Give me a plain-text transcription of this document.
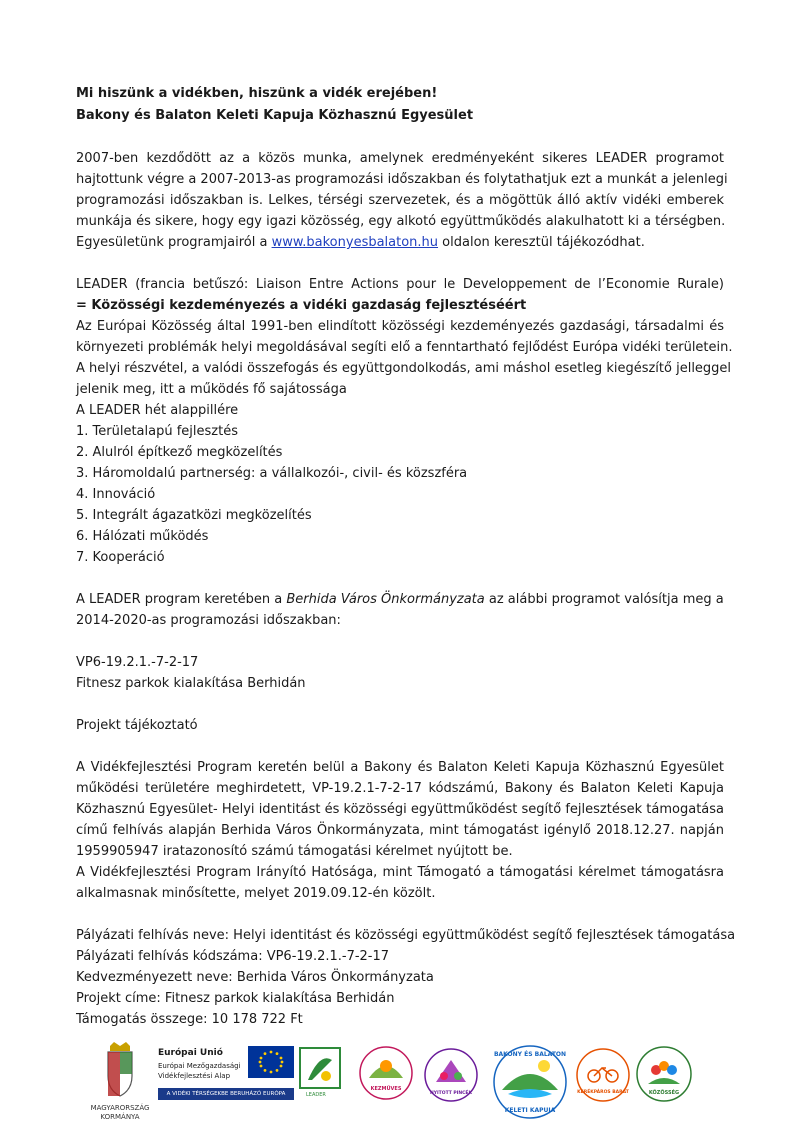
Mi hiszünk a vidékben, hiszünk a vidék erejében!
Bakony és Balaton Keleti Kapuja Közhasznú Egyesület
2007-ben kezdődött az a közös munka, amelynek eredményeként sikeres LEADER programot
hajtottunk végre a 2007-2013-as programozási időszakban és folytathatjuk ezt a munkát a jelenlegi
programozási időszakban is. Lelkes, térségi szervezetek, és a mögöttük álló aktív vidéki emberek
munkája és sikere, hogy egy igazi közösség, egy alkotó együttműködés alakulhatott ki a térségben.
Egyesületünk programjairól a www.bakonyesbalaton.hu oldalon keresztül tájékozódhat.
LEADER (francia betűszó: Liaison Entre Actions pour le Developpement de l’Economie Rurale)
= Közösségi kezdeményezés a vidéki gazdaság fejlesztéséért
Az Európai Közösség által 1991-ben elindított közösségi kezdeményezés gazdasági, társadalmi és
környezeti problémák helyi megoldásával segíti elő a fenntartható fejlődést Európa vidéki területein.
A helyi részvétel, a valódi összefogás és együttgondolkodás, ami máshol esetleg kiegészítő jelleggel
jelenik meg, itt a működés fő sajátossága
A LEADER hét alappillére
1. Területalapú fejlesztés
2. Alulról építkező megközelítés
3. Háromoldalú partnerség: a vállalkozói-, civil- és közszféra
4. Innováció
5. Integrált ágazatközi megközelítés
6. Hálózati működés
7. Kooperáció
A LEADER program keretében a Berhida Város Önkormányzata az alábbi programot valósítja meg a
2014-2020-as programozási időszakban:
VP6-19.2.1.-7-2-17
Fitnesz parkok kialakítása Berhidán
Projekt tájékoztató
A Vidékfejlesztési Program keretén belül a Bakony és Balaton Keleti Kapuja Közhasznú Egyesület
működési területére meghirdetett, VP-19.2.1-7-2-17 kódszámú, Bakony és Balaton Keleti Kapuja
Közhasznú Egyesület- Helyi identitást és közösségi együttműködést segítő fejlesztések támogatása
című felhívás alapján Berhida Város Önkormányzata, mint támogatást igénylő 2018.12.27. napján
1959905947 iratazonosító számú támogatási kérelmet nyújtott be.
A Vidékfejlesztési Program Irányító Hatósága, mint Támogató a támogatási kérelmet támogatásra
alkalmasnak minősítette, melyet 2019.09.12-én közölt.
Pályázati felhívás neve: Helyi identitást és közösségi együttműködést segítő fejlesztések támogatása
Pályázati felhívás kódszáma: VP6-19.2.1.-7-2-17
Kedvezményezett neve: Berhida Város Önkormányzata
Projekt címe: Fitnesz parkok kialakítása Berhidán
Támogatás összege: 10 178 722 Ft
MAGYARORSZÁG
KORMÁNYA
Európai Unió
Európai Mezőgazdasági
Vidékfejlesztési Alap
A VIDÉKI TÉRSÉGEKBE BERUHÁZÓ EURÓPA	LEADER
KEZMŰVES
NYITOTT PINCÉK
BAKONY ÉS BALATON
KELETI KAPUJA
KERÉKPÁROS BARÁT	KÖZÖSSÉG
